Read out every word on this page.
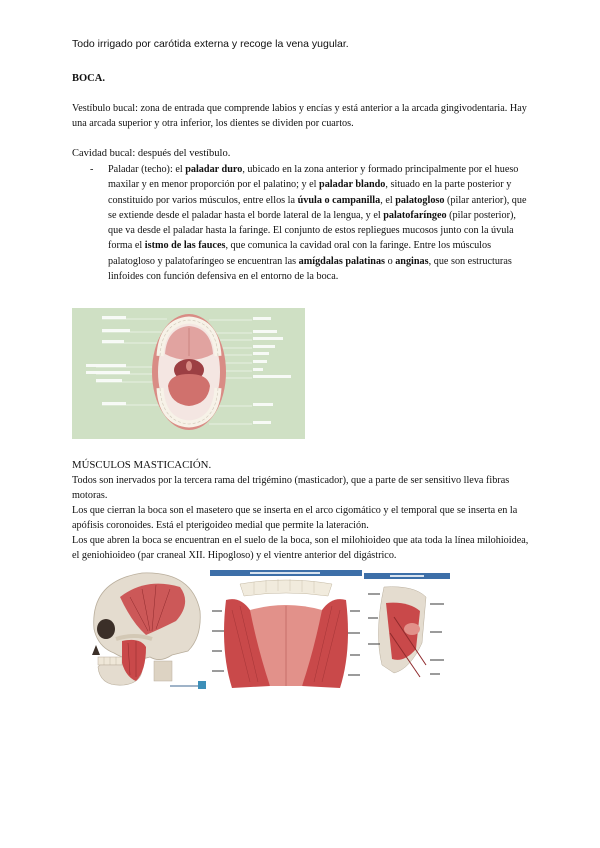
Todo irrigado por carótida externa y recoge la vena yugular.
BOCA.
Vestíbulo bucal: zona de entrada que comprende labios y encías y está anterior a la arcada gingivodentaria. Hay una arcada superior y otra inferior, los dientes se dividen por cuartos.
Cavidad bucal: después del vestíbulo.
- Paladar (techo): el paladar duro, ubicado en la zona anterior y formado principalmente por el hueso maxilar y en menor proporción por el palatino; y el paladar blando, situado en la parte posterior y constituido por varios músculos, entre ellos la úvula o campanilla, el palatogloso (pilar anterior), que se extiende desde el paladar hasta el borde lateral de la lengua, y el palatofaríngeo (pilar posterior), que va desde el paladar hasta la faringe. El conjunto de estos repliegues mucosos junto con la úvula forma el istmo de las fauces, que comunica la cavidad oral con la faringe. Entre los músculos palatogloso y palatofaríngeo se encuentran las amígdalas palatinas o anginas, que son estructuras linfoides con función defensiva en el entorno de la boca.
MÚSCULOS MASTICACIÓN.
Todos son inervados por la tercera rama del trigémino (masticador), que a parte de ser sensitivo lleva fibras motoras.
Los que cierran la boca son el masetero que se inserta en el arco cigomático y el temporal que se inserta en la apófisis coronoides. Está el pterigoideo medial que permite la lateración.
Los que abren la boca se encuentran en el suelo de la boca, son el milohioideo que ata toda la línea milohioidea, el geniohioideo (par craneal XII. Hipogloso) y el vientre anterior del digástrico.
